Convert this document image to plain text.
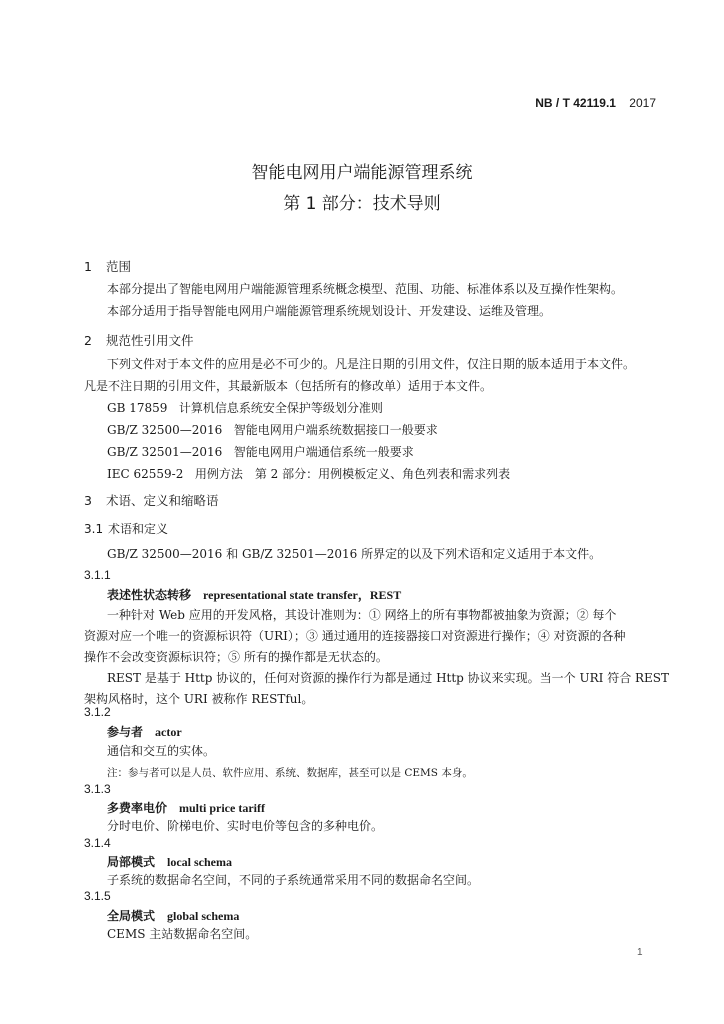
NB / T 42119.1 2017
智能电网用户端能源管理系统
第 1 部分：技术导则
1 范围
本部分提出了智能电网用户端能源管理系统概念模型、范围、功能、标准体系以及互操作性架构。
本部分适用于指导智能电网用户端能源管理系统规划设计、开发建设、运维及管理。
2 规范性引用文件
下列文件对于本文件的应用是必不可少的。凡是注日期的引用文件，仅注日期的版本适用于本文件。
凡是不注日期的引用文件，其最新版本（包括所有的修改单）适用于本文件。
GB 17859 计算机信息系统安全保护等级划分准则
GB/Z 32500—2016 智能电网用户端系统数据接口一般要求
GB/Z 32501—2016 智能电网用户端通信系统一般要求
IEC 62559-2 用例方法　第 2 部分：用例模板定义、角色列表和需求列表
3 术语、定义和缩略语
3.1 术语和定义
GB/Z 32500—2016 和 GB/Z 32501—2016 所界定的以及下列术语和定义适用于本文件。
3.1.1
表述性状态转移 representational state transfer，REST
一种针对 Web 应用的开发风格，其设计准则为：① 网络上的所有事物都被抽象为资源；② 每个
资源对应一个唯一的资源标识符（URI）；③ 通过通用的连接器接口对资源进行操作；④ 对资源的各种
操作不会改变资源标识符；⑤ 所有的操作都是无状态的。
REST 是基于 Http 协议的，任何对资源的操作行为都是通过 Http 协议来实现。当一个 URI 符合 REST
架构风格时，这个 URI 被称作 RESTful。
3.1.2
参与者 actor
通信和交互的实体。
注：参与者可以是人员、软件应用、系统、数据库，甚至可以是 CEMS 本身。
3.1.3
多费率电价 multi price tariff
分时电价、阶梯电价、实时电价等包含的多种电价。
3.1.4
局部模式 local schema
子系统的数据命名空间，不同的子系统通常采用不同的数据命名空间。
3.1.5
全局模式 global schema
CEMS 主站数据命名空间。
1
